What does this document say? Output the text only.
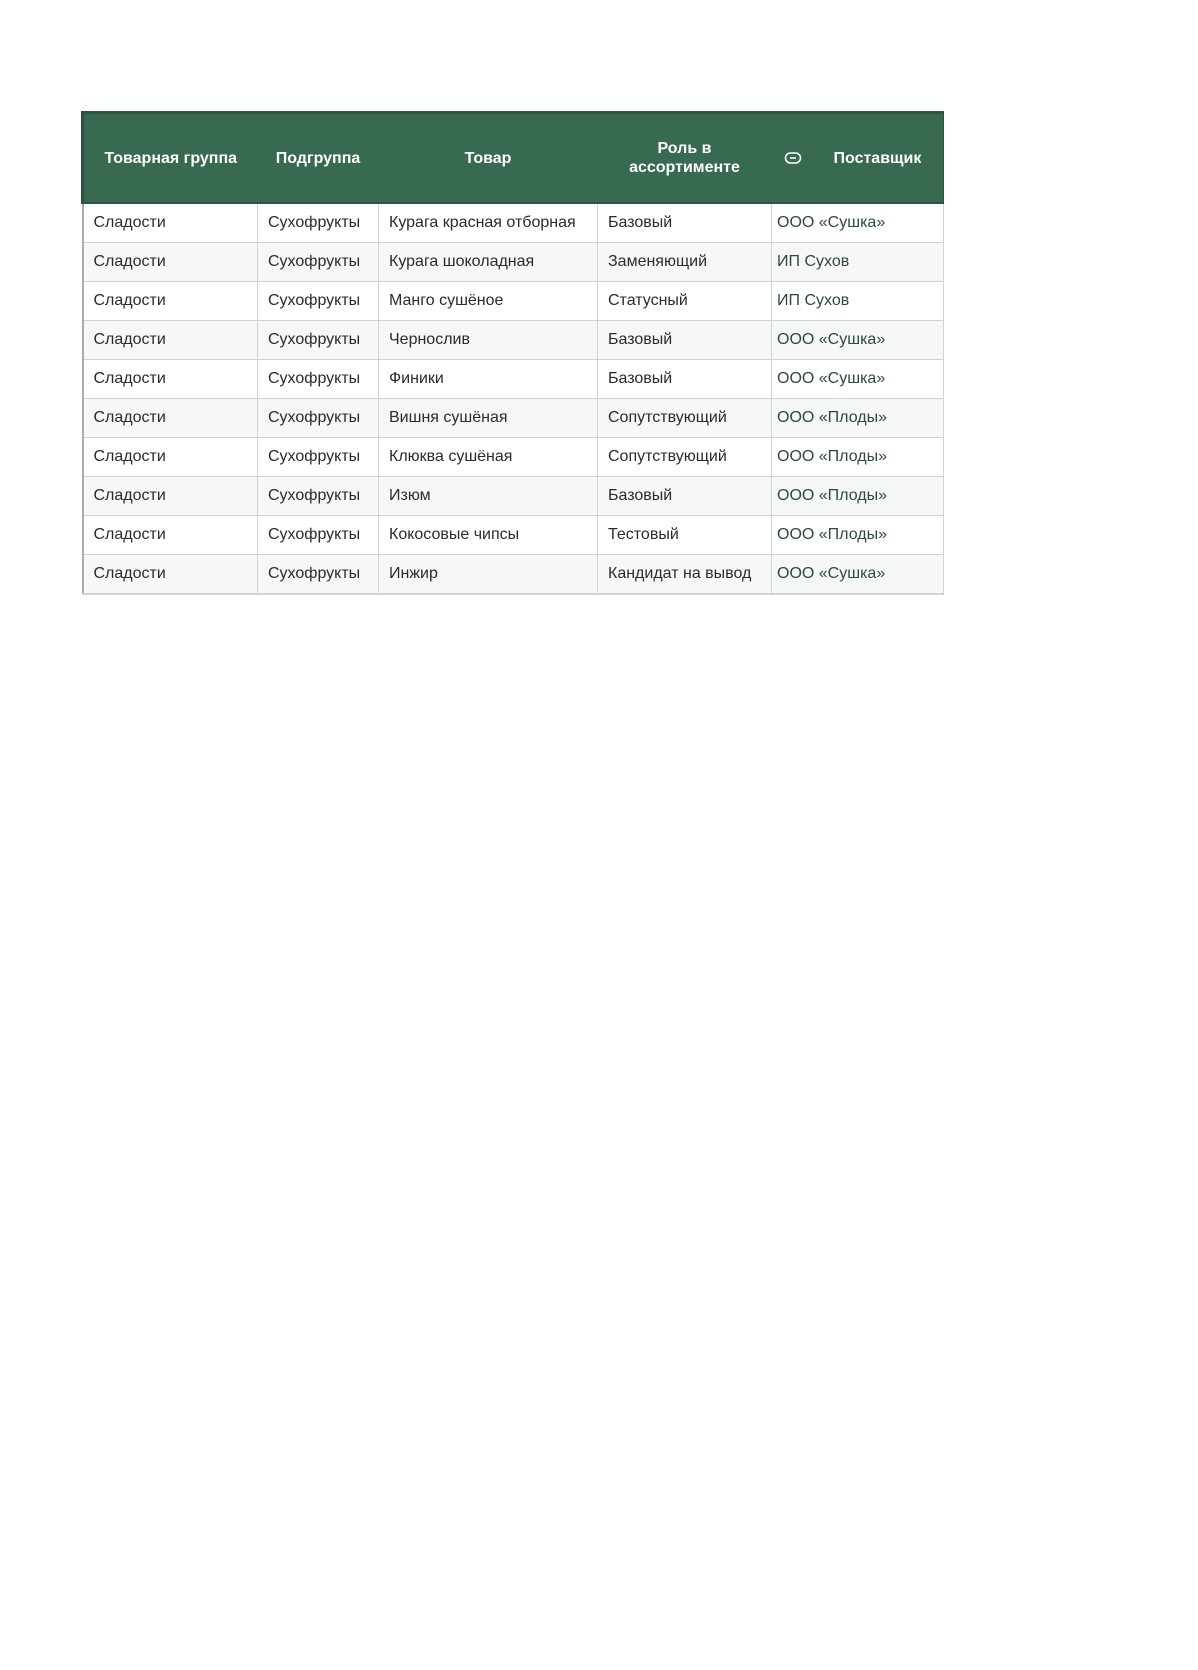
Товарная группа	Подгруппа	Товар	Роль в ассортименте	Поставщик

Сладости	Сухофрукты	Курага красная отборная	Базовый	ООО «Сушка»
Сладости	Сухофрукты	Курага шоколадная	Заменяющий	ИП Сухов
Сладости	Сухофрукты	Манго сушёное	Статусный	ИП Сухов
Сладости	Сухофрукты	Чернослив	Базовый	ООО «Сушка»
Сладости	Сухофрукты	Финики	Базовый	ООО «Сушка»
Сладости	Сухофрукты	Вишня сушёная	Сопутствующий	ООО «Плоды»
Сладости	Сухофрукты	Клюква сушёная	Сопутствующий	ООО «Плоды»
Сладости	Сухофрукты	Изюм	Базовый	ООО «Плоды»
Сладости	Сухофрукты	Кокосовые чипсы	Тестовый	ООО «Плоды»
Сладости	Сухофрукты	Инжир	Кандидат на вывод	ООО «Сушка»
